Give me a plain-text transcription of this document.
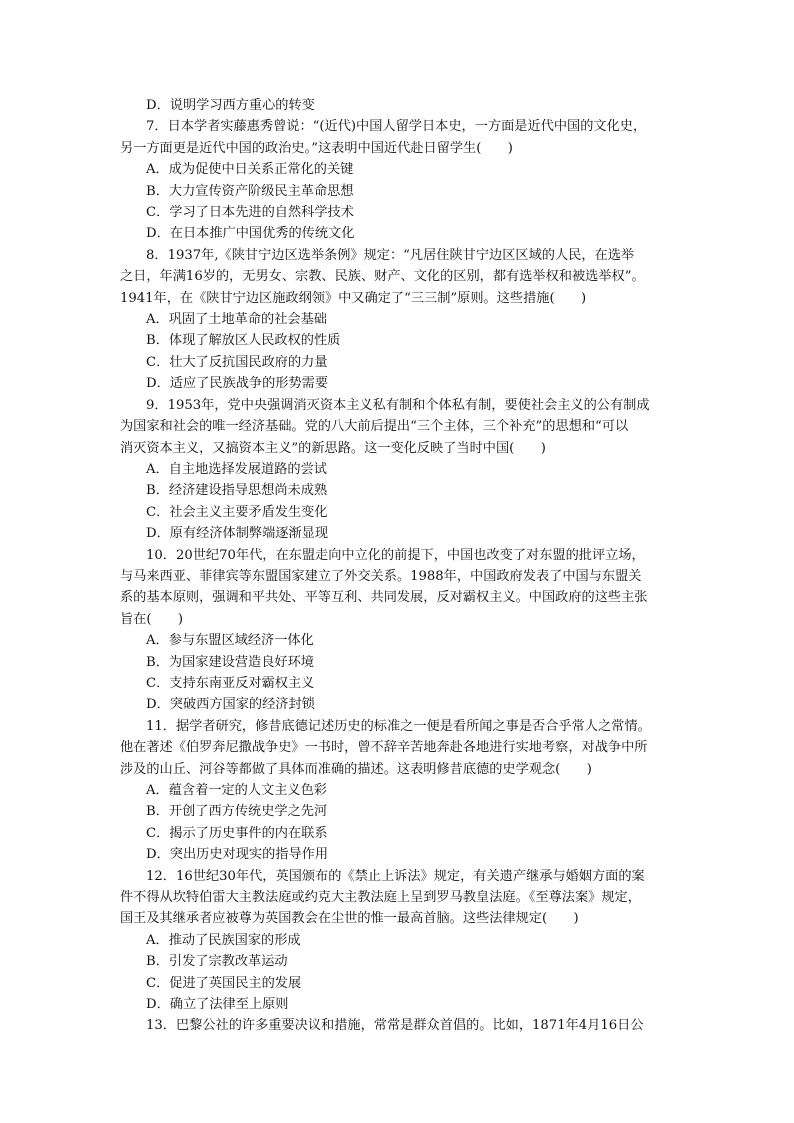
D．说明学习西方重心的转变
7．日本学者实藤惠秀曾说：“(近代)中国人留学日本史，一方面是近代中国的文化史，
另一方面更是近代中国的政治史。”这表明中国近代赴日留学生(　　)
A．成为促使中日关系正常化的关键
B．大力宣传资产阶级民主革命思想
C．学习了日本先进的自然科学技术
D．在日本推广中国优秀的传统文化
8．1937年,《陕甘宁边区选举条例》规定：“凡居住陕甘宁边区区域的人民，在选举
之日，年满16岁的，无男女、宗教、民族、财产、文化的区别，都有选举权和被选举权”。
1941年，在《陕甘宁边区施政纲领》中又确定了“三三制”原则。这些措施(　　)
A．巩固了土地革命的社会基础
B．体现了解放区人民政权的性质
C．壮大了反抗国民政府的力量
D．适应了民族战争的形势需要
9．1953年，党中央强调消灭资本主义私有制和个体私有制，要使社会主义的公有制成
为国家和社会的唯一经济基础。党的八大前后提出“三个主体，三个补充”的思想和“可以
消灭资本主义，又搞资本主义”的新思路。这一变化反映了当时中国(　　)
A．自主地选择发展道路的尝试
B．经济建设指导思想尚未成熟
C．社会主义主要矛盾发生变化
D．原有经济体制弊端逐渐显现
10．20世纪70年代，在东盟走向中立化的前提下，中国也改变了对东盟的批评立场，
与马来西亚、菲律宾等东盟国家建立了外交关系。1988年，中国政府发表了中国与东盟关
系的基本原则，强调和平共处、平等互利、共同发展，反对霸权主义。中国政府的这些主张
旨在(　　)
A．参与东盟区域经济一体化
B．为国家建设营造良好环境
C．支持东南亚反对霸权主义
D．突破西方国家的经济封锁
11．据学者研究，修昔底德记述历史的标准之一便是看所闻之事是否合乎常人之常情。
他在著述《伯罗奔尼撒战争史》一书时，曾不辞辛苦地奔赴各地进行实地考察，对战争中所
涉及的山丘、河谷等都做了具体而准确的描述。这表明修昔底德的史学观念(　　)
A．蕴含着一定的人文主义色彩
B．开创了西方传统史学之先河
C．揭示了历史事件的内在联系
D．突出历史对现实的指导作用
12．16世纪30年代，英国颁布的《禁止上诉法》规定，有关遗产继承与婚姻方面的案
件不得从坎特伯雷大主教法庭或约克大主教法庭上呈到罗马教皇法庭。《至尊法案》规定，
国王及其继承者应被尊为英国教会在尘世的惟一最高首脑。这些法律规定(　　)
A．推动了民族国家的形成
B．引发了宗教改革运动
C．促进了英国民主的发展
D．确立了法律至上原则
13．巴黎公社的许多重要决议和措施，常常是群众首倡的。比如，1871年4月16日公
